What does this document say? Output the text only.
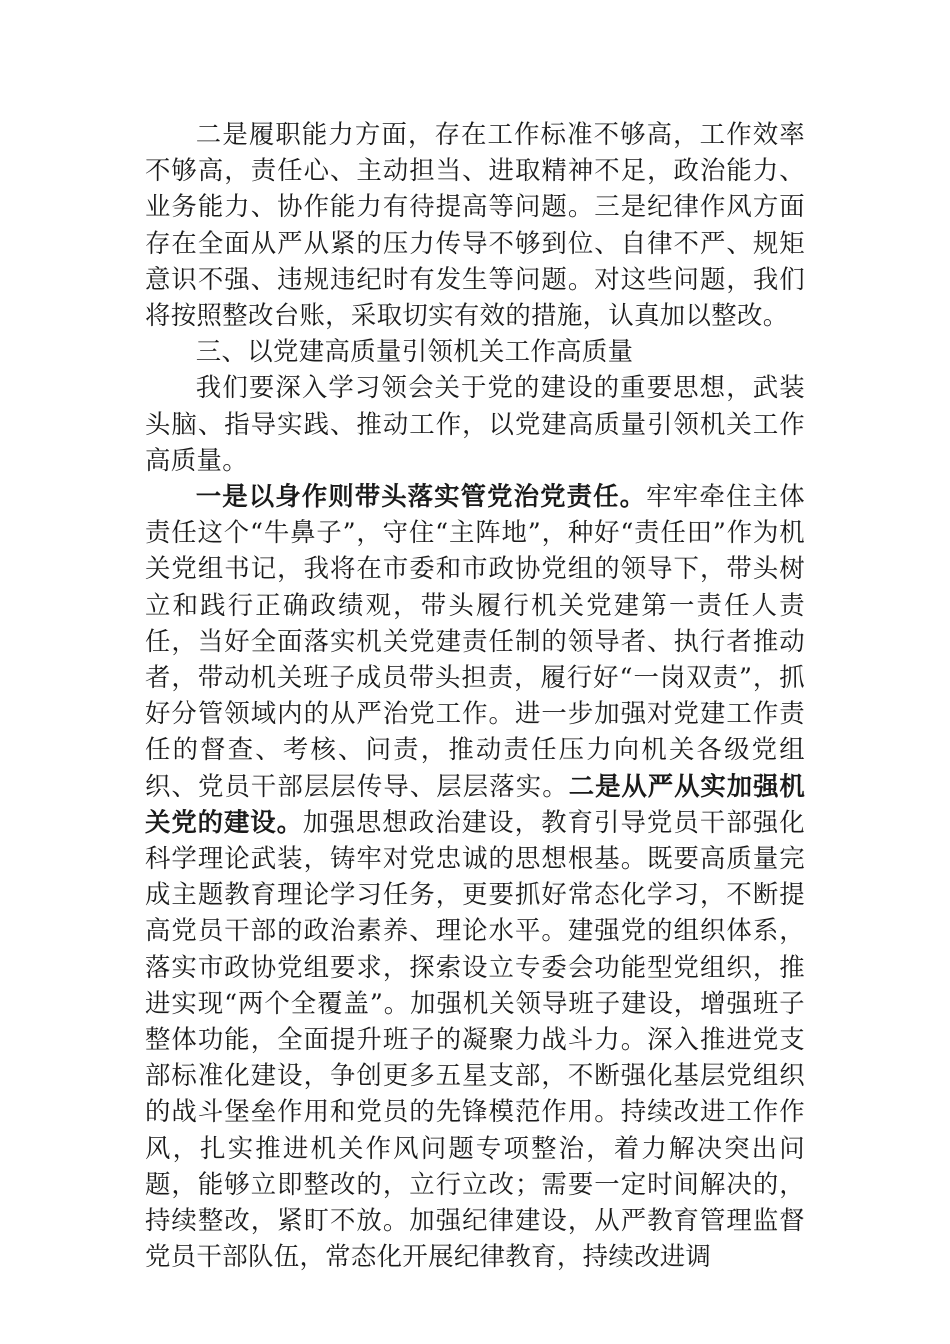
二是履职能力方面，存在工作标准不够高，工作效率不够高，责任心、主动担当、进取精神不足，政治能力、业务能力、协作能力有待提高等问题。三是纪律作风方面存在全面从严从紧的压力传导不够到位、自律不严、规矩意识不强、违规违纪时有发生等问题。对这些问题，我们将按照整改台账，采取切实有效的措施，认真加以整改。

三、以党建高质量引领机关工作高质量

我们要深入学习领会关于党的建设的重要思想，武装头脑、指导实践、推动工作，以党建高质量引领机关工作高质量。

一是以身作则带头落实管党治党责任。牢牢牵住主体责任这个“牛鼻子”，守住“主阵地”，种好“责任田”作为机关党组书记，我将在市委和市政协党组的领导下，带头树立和践行正确政绩观，带头履行机关党建第一责任人责任，当好全面落实机关党建责任制的领导者、执行者推动者，带动机关班子成员带头担责，履行好“一岗双责”，抓好分管领域内的从严治党工作。进一步加强对党建工作责任的督查、考核、问责，推动责任压力向机关各级党组织、党员干部层层传导、层层落实。二是从严从实加强机关党的建设。加强思想政治建设，教育引导党员干部强化科学理论武装，铸牢对党忠诚的思想根基。既要高质量完成主题教育理论学习任务，更要抓好常态化学习，不断提高党员干部的政治素养、理论水平。建强党的组织体系，落实市政协党组要求，探索设立专委会功能型党组织，推进实现“两个全覆盖”。加强机关领导班子建设，增强班子整体功能，全面提升班子的凝聚力战斗力。深入推进党支部标准化建设，争创更多五星支部，不断强化基层党组织的战斗堡垒作用和党员的先锋模范作用。持续改进工作作风，扎实推进机关作风问题专项整治，着力解决突出问题，能够立即整改的，立行立改；需要一定时间解决的，持续整改，紧盯不放。加强纪律建设，从严教育管理监督党员干部队伍，常态化开展纪律教育，持续改进调
